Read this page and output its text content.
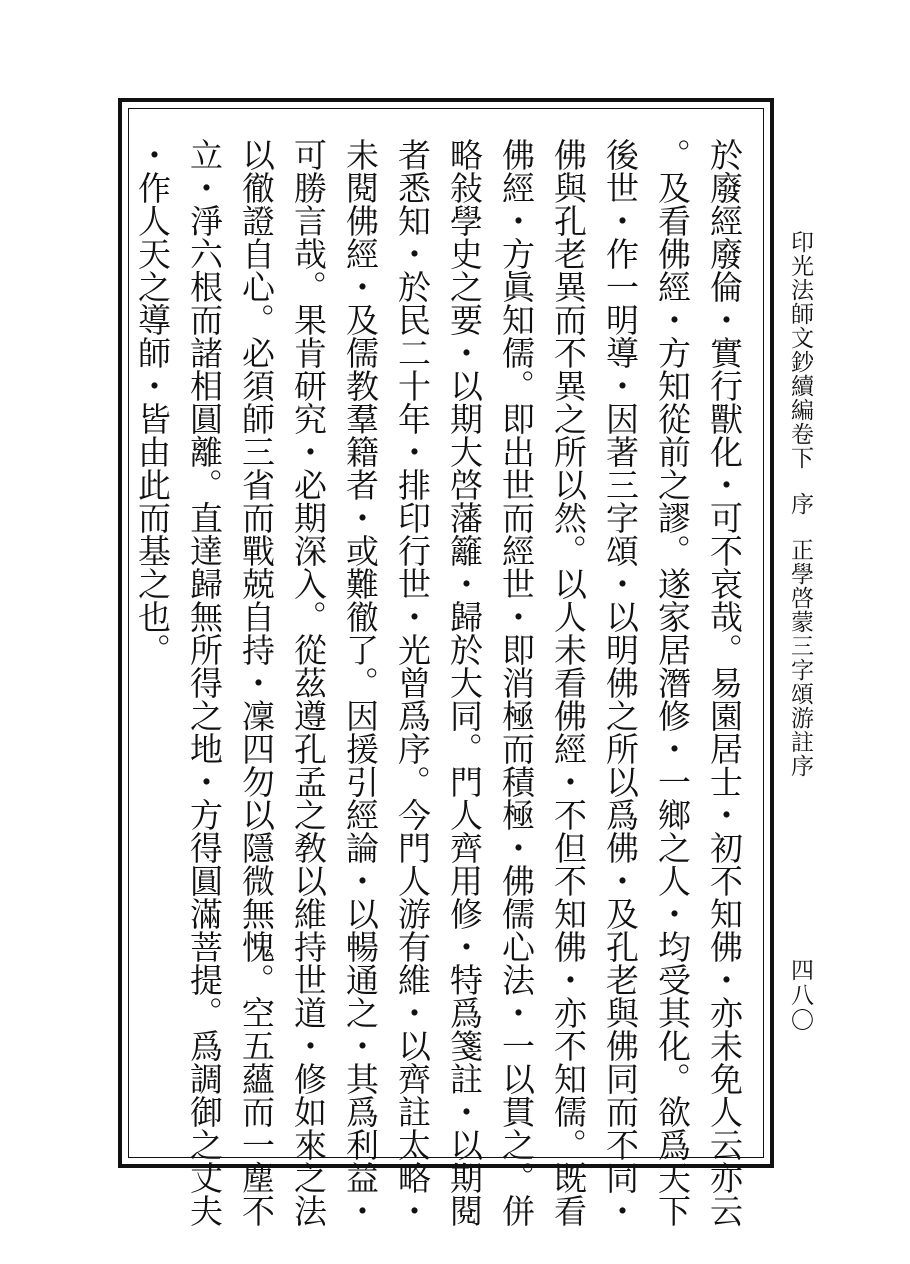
印光法師文鈔續編卷下序正學啓蒙三字頌游註序
四八〇
於廢經廢倫・實行獸化・可不哀哉。易園居士・初不知佛・亦未免人云亦云
。及看佛經・方知從前之謬。遂家居潛修・一鄉之人・均受其化。欲爲天下
後世・作一明導・因著三字頌・以明佛之所以爲佛・及孔老與佛同而不同・
佛與孔老異而不異之所以然。以人未看佛經・不但不知佛・亦不知儒。既看
佛經・方眞知儒。即出世而經世・即消極而積極・佛儒心法・一以貫之。併
略敍學史之要・以期大啓藩籬・歸於大同。門人齊用修・特爲箋註・以期閱
者悉知・於民二十年・排印行世・光曾爲序。今門人游有維・以齊註太略・
未閱佛經・及儒教羣籍者・或難徹了。因援引經論・以暢通之・其爲利益・
可勝言哉。果肯研究・必期深入。從茲遵孔孟之敎以維持世道・修如來之法
以徹證自心。必須師三省而戰兢自持・凜四勿以隱微無愧。空五蘊而一塵不
立・淨六根而諸相圓離。直達歸無所得之地・方得圓滿菩提。爲調御之丈夫
・作人天之導師・皆由此而基之也。
